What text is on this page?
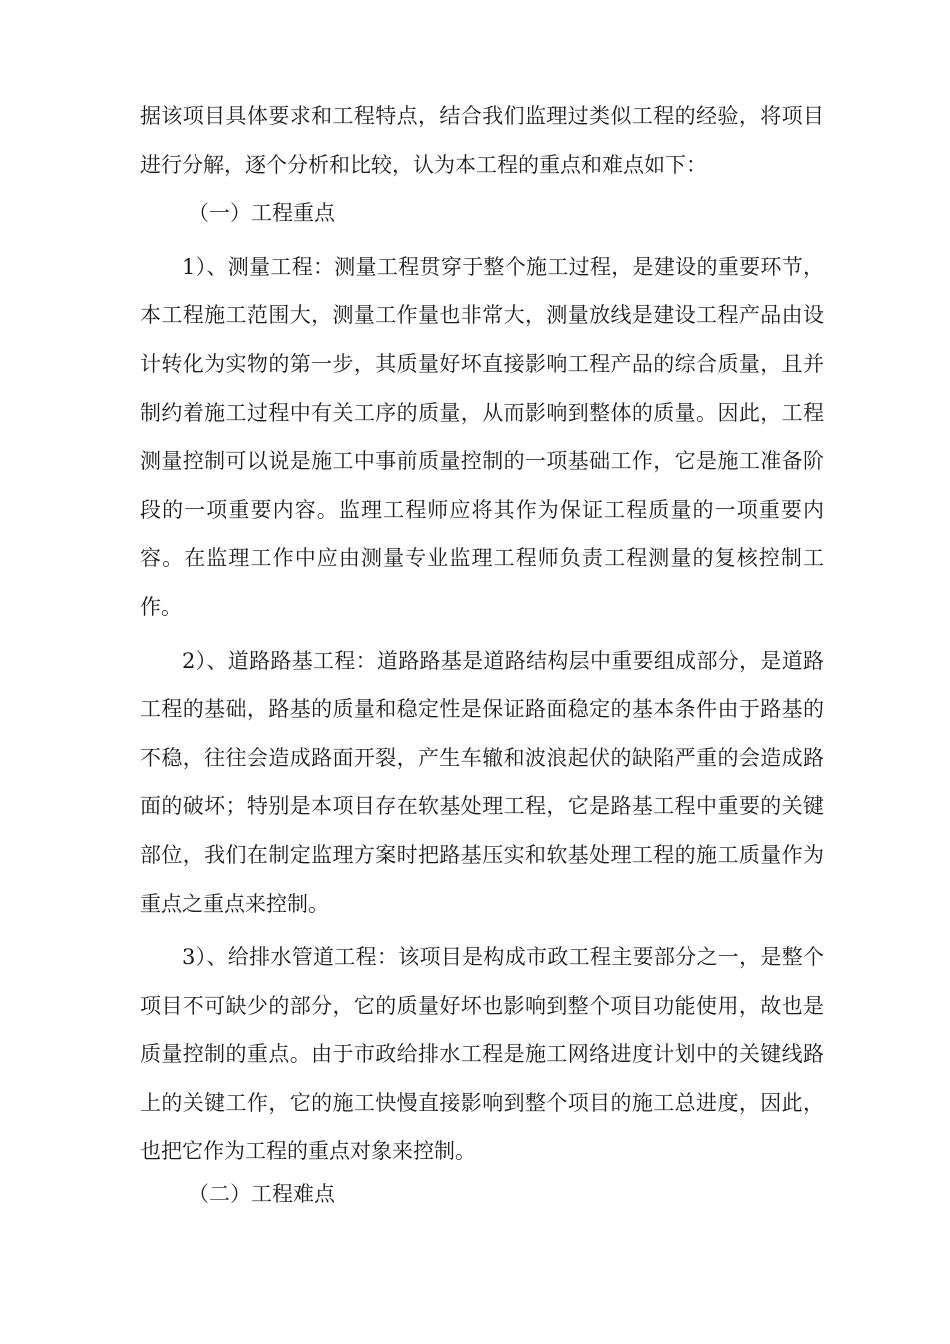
据该项目具体要求和工程特点，结合我们监理过类似工程的经验，将项目进行分解，逐个分析和比较，认为本工程的重点和难点如下：

（一）工程重点

1）、测量工程：测量工程贯穿于整个施工过程，是建设的重要环节，本工程施工范围大，测量工作量也非常大，测量放线是建设工程产品由设计转化为实物的第一步，其质量好坏直接影响工程产品的综合质量，且并制约着施工过程中有关工序的质量，从而影响到整体的质量。因此，工程测量控制可以说是施工中事前质量控制的一项基础工作，它是施工准备阶段的一项重要内容。监理工程师应将其作为保证工程质量的一项重要内容。在监理工作中应由测量专业监理工程师负责工程测量的复核控制工作。

2）、道路路基工程：道路路基是道路结构层中重要组成部分，是道路工程的基础，路基的质量和稳定性是保证路面稳定的基本条件由于路基的不稳，往往会造成路面开裂，产生车辙和波浪起伏的缺陷严重的会造成路面的破坏；特别是本项目存在软基处理工程，它是路基工程中重要的关键部位，我们在制定监理方案时把路基压实和软基处理工程的施工质量作为重点之重点来控制。

3）、给排水管道工程：该项目是构成市政工程主要部分之一，是整个项目不可缺少的部分，它的质量好坏也影响到整个项目功能使用，故也是质量控制的重点。由于市政给排水工程是施工网络进度计划中的关键线路上的关键工作，它的施工快慢直接影响到整个项目的施工总进度，因此，也把它作为工程的重点对象来控制。

（二）工程难点
